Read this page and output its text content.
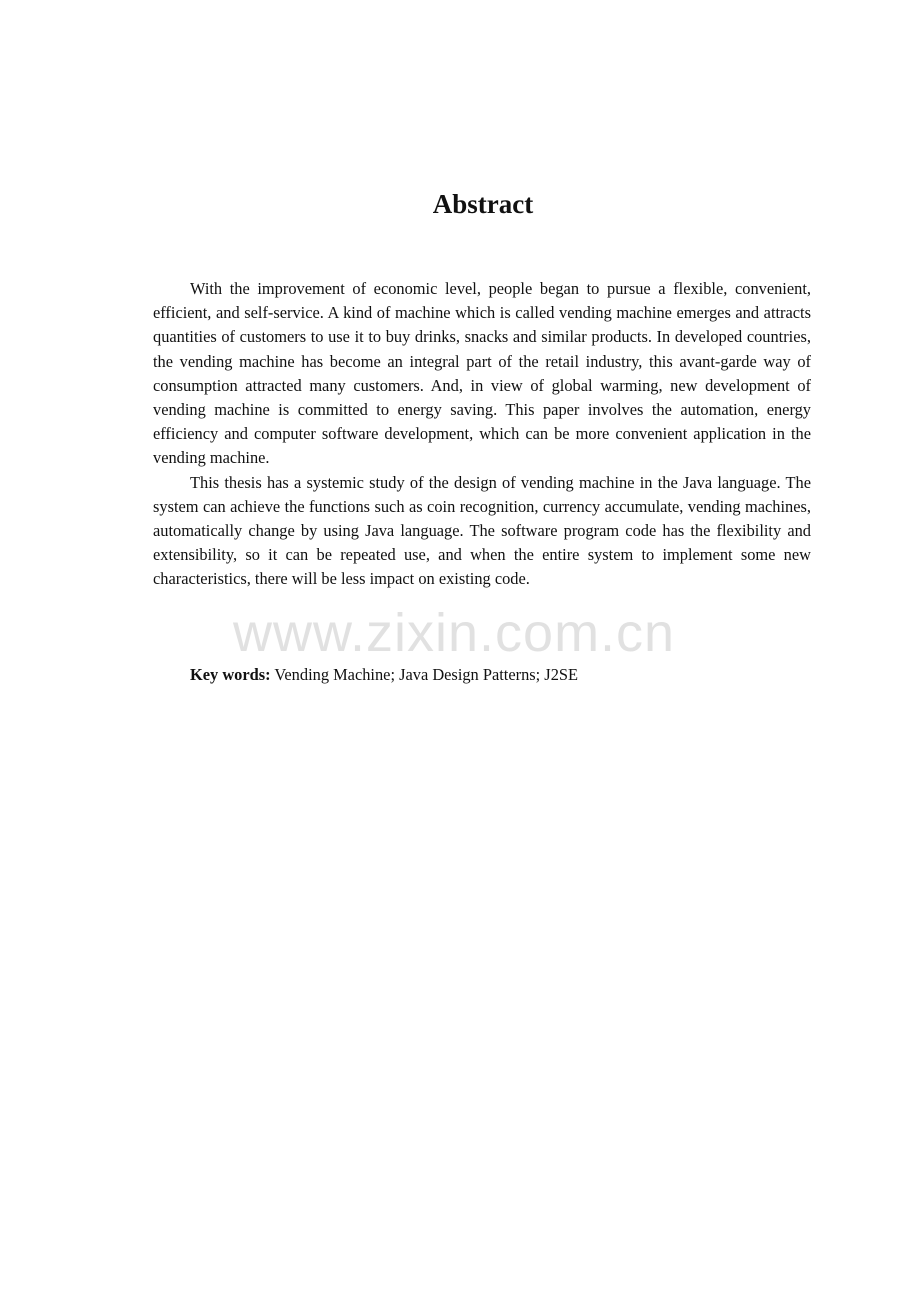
Abstract

With the improvement of economic level, people began to pursue a flexible, convenient, efficient, and self-service. A kind of machine which is called vending machine emerges and attracts quantities of customers to use it to buy drinks, snacks and similar products. In developed countries, the vending machine has become an integral part of the retail industry, this avant-garde way of consumption attracted many customers. And, in view of global warming, new development of vending machine is committed to energy saving. This paper involves the automation, energy efficiency and computer software development, which can be more convenient application in the vending machine.

This thesis has a systemic study of the design of vending machine in the Java language. The system can achieve the functions such as coin recognition, currency accumulate, vending machines, automatically change by using Java language. The software program code has the flexibility and extensibility, so it can be repeated use, and when the entire system to implement some new characteristics, there will be less impact on existing code.

Key words: Vending Machine; Java Design Patterns; J2SE

www.zixin.com.cn
